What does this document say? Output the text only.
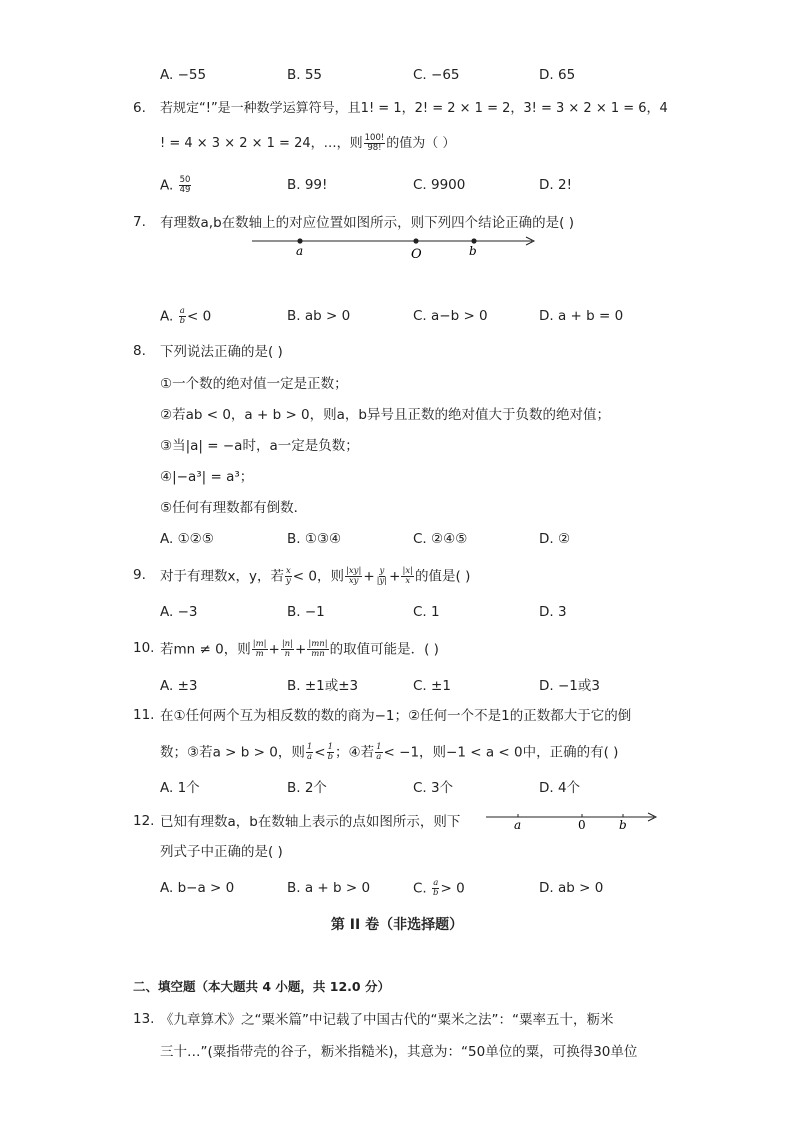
A. −55	B. 55	C. −65	D. 65
6. 若规定“!”是一种数学运算符号，且1! = 1，2! = 2 × 1 = 2，3! = 3 × 2 × 1 = 6，4
! = 4 × 3 × 2 × 1 = 24，…，则 $\frac{100!}{98!}$ 的值为（ ）
A. $\frac{50}{49}$	B. 99!	C. 9900	D. 2!
7. 有理数a,b在数轴上的对应位置如图所示，则下列四个结论正确的是( )
a	O	b
A. $\frac{a}{b} < 0$	B. ab > 0	C. a−b > 0	D. a + b = 0
8. 下列说法正确的是( )
①一个数的绝对值一定是正数；
②若ab < 0，a + b > 0，则a，b异号且正数的绝对值大于负数的绝对值；
③当|a| = −a时，a一定是负数；
④|−a³| = a³；
⑤任何有理数都有倒数．
A. ①②⑤	B. ①③④	C. ②④⑤	D. ②
9. 对于有理数x，y，若 $\frac{x}{y} < 0$，则 $\frac{|xy|}{xy} + \frac{y}{|y|} + \frac{|x|}{x}$ 的值是( )
A. −3	B. −1	C. 1	D. 3
10. 若mn ≠ 0，则 $\frac{|m|}{m} + \frac{|n|}{n} + \frac{|mn|}{mn}$ 的取值可能是．( )
A. ±3	B. ±1或±3	C. ±1	D. −1或3
11. 在①任何两个互为相反数的数的商为−1；②任何一个不是1的正数都大于它的倒
数；③若a > b > 0，则 $\frac{1}{a} < \frac{1}{b}$ ；④若 $\frac{1}{a} < -1$，则−1 < a < 0中，正确的有( )
A. 1个	B. 2个	C. 3个	D. 4个
12. 已知有理数a，b在数轴上表示的点如图所示，则下
列式子中正确的是( )
a	0	b
A. b−a > 0	B. a + b > 0	C. $\frac{a}{b} > 0$	D. ab > 0
第 II 卷（非选择题）
二、填空题（本大题共 4 小题，共 12.0 分）
13. 《九章算术》之“粟米篇”中记载了中国古代的“粟米之法”：“粟率五十，粝米
三十…”(粟指带壳的谷子，粝米指糙米)，其意为：“50单位的粟，可换得30单位
